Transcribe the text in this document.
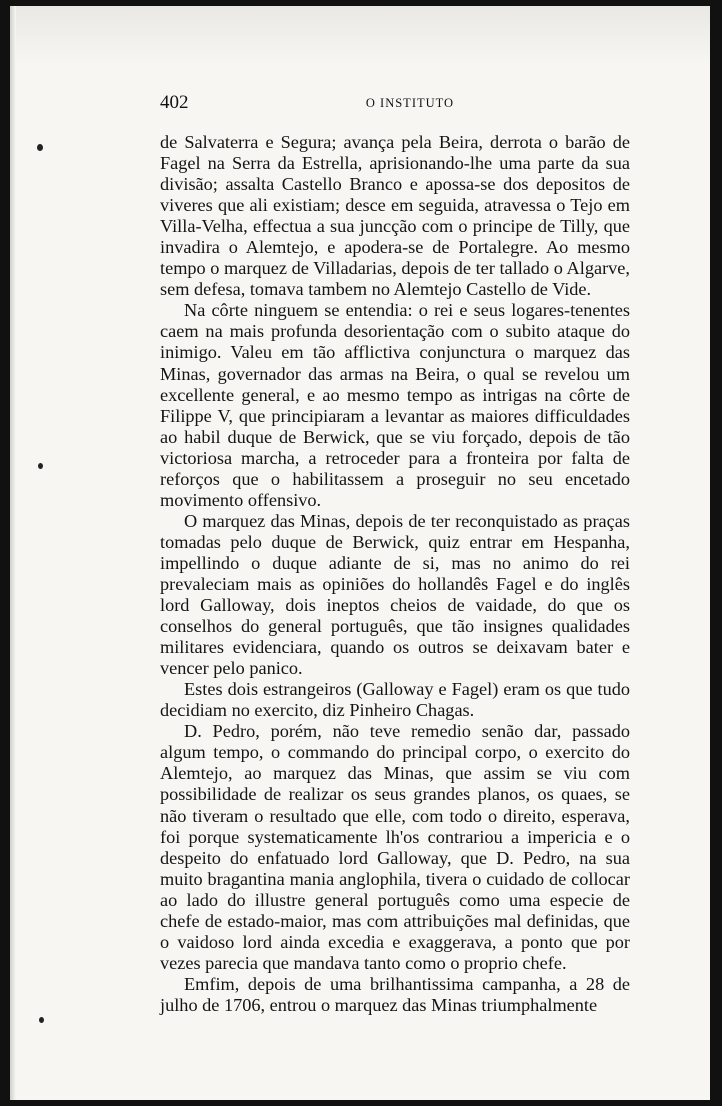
402	O INSTITUTO

de Salvaterra e Segura; avança pela Beira, derrota o barão de Fagel na Serra da Estrella, aprisionando-lhe uma parte da sua divisão; assalta Castello Branco e apossa-se dos depositos de viveres que ali existiam; desce em seguida, atravessa o Tejo em Villa-Velha, effectua a sua juncção com o principe de Tilly, que invadira o Alemtejo, e apodera-se de Portalegre. Ao mesmo tempo o marquez de Villadarias, depois de ter tallado o Algarve, sem defesa, tomava tambem no Alemtejo Castello de Vide.

Na côrte ninguem se entendia: o rei e seus logares-tenentes caem na mais profunda desorientação com o subito ataque do inimigo. Valeu em tão afflictiva conjunctura o marquez das Minas, governador das armas na Beira, o qual se revelou um excellente general, e ao mesmo tempo as intrigas na côrte de Filippe V, que principiaram a levantar as maiores difficuldades ao habil duque de Berwick, que se viu forçado, depois de tão victoriosa marcha, a retroceder para a fronteira por falta de reforços que o habilitassem a proseguir no seu encetado movimento offensivo.

O marquez das Minas, depois de ter reconquistado as praças tomadas pelo duque de Berwick, quiz entrar em Hespanha, impellindo o duque adiante de si, mas no animo do rei prevaleciam mais as opiniões do hollandês Fagel e do inglês lord Galloway, dois ineptos cheios de vaidade, do que os conselhos do general português, que tão insignes qualidades militares evidenciara, quando os outros se deixavam bater e vencer pelo panico.

Estes dois estrangeiros (Galloway e Fagel) eram os que tudo decidiam no exercito, diz Pinheiro Chagas.

D. Pedro, porém, não teve remedio senão dar, passado algum tempo, o commando do principal corpo, o exercito do Alemtejo, ao marquez das Minas, que assim se viu com possibilidade de realizar os seus grandes planos, os quaes, se não tiveram o resultado que elle, com todo o direito, esperava, foi porque systematicamente lh'os contrariou a impericia e o despeito do enfatuado lord Galloway, que D. Pedro, na sua muito bragantina mania anglophila, tivera o cuidado de collocar ao lado do illustre general português como uma especie de chefe de estado-maior, mas com attribuições mal definidas, que o vaidoso lord ainda excedia e exaggerava, a ponto que por vezes parecia que mandava tanto como o proprio chefe.

Emfim, depois de uma brilhantissima campanha, a 28 de julho de 1706, entrou o marquez das Minas triumphalmente
